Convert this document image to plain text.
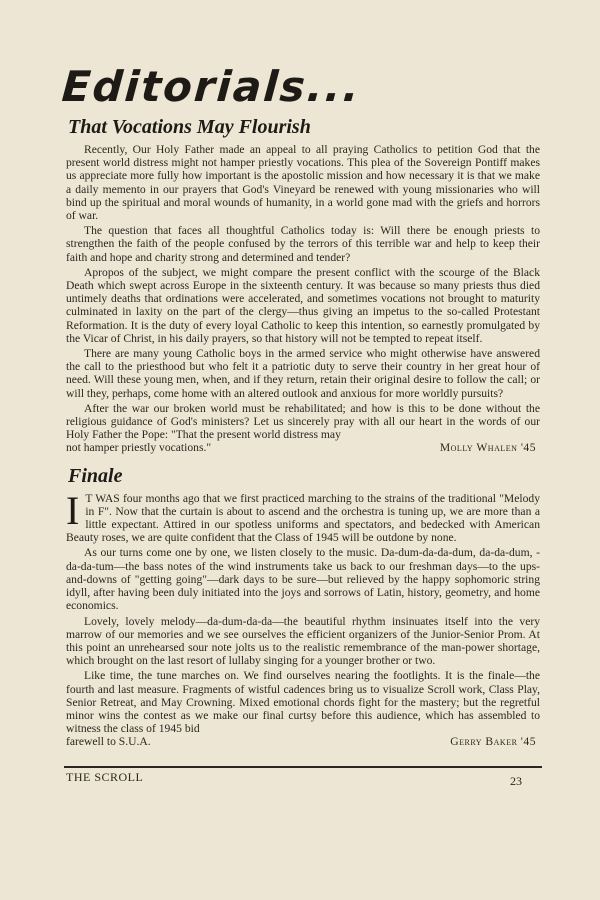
Editorials...
That Vocations May Flourish

Recently, Our Holy Father made an appeal to all praying Catholics to petition God that the present world distress might not hamper priestly vocations. This plea of the Sovereign Pontiff makes us appreciate more fully how important is the apostolic mission and how necessary it is that we make a daily memento in our prayers that God's Vineyard be renewed with young missionaries who will bind up the spiritual and moral wounds of humanity, in a world gone mad with the griefs and horrors of war.

The question that faces all thoughtful Catholics today is: Will there be enough priests to strengthen the faith of the people confused by the terrors of this terrible war and help to keep their faith and hope and charity strong and determined and tender?

Apropos of the subject, we might compare the present conflict with the scourge of the Black Death which swept across Europe in the sixteenth century. It was because so many priests thus died untimely deaths that ordinations were accelerated, and sometimes vocations not brought to maturity culminated in laxity on the part of the clergy—thus giving an impetus to the so-called Protestant Reformation. It is the duty of every loyal Catholic to keep this intention, so earnestly promulgated by the Vicar of Christ, in his daily prayers, so that history will not be tempted to repeat itself.

There are many young Catholic boys in the armed service who might otherwise have answered the call to the priesthood but who felt it a patriotic duty to serve their country in her great hour of need. Will these young men, when, and if they return, retain their original desire to follow the call; or will they, perhaps, come home with an altered outlook and anxious for more worldly pursuits?

After the war our broken world must be rehabilitated; and how is this to be done without the religious guidance of God's ministers? Let us sincerely pray with all our heart in the words of our Holy Father the Pope: "That the present world distress may

not hamper priestly vocations."	Molly Whalen '45
Finale

I T WAS four months ago that we first practiced marching to the strains of the traditional "Melody in F". Now that the curtain is about to ascend and the orchestra is tuning up, we are more than a little expectant. Attired in our spotless uniforms and spectators, and bedecked with American Beauty roses, we are quite confident that the Class of 1945 will be outdone by none.

As our turns come one by one, we listen closely to the music. Da-dum-da-da-dum, da-da-dum, -da-da-tum—the bass notes of the wind instruments take us back to our freshman days—to the ups-and-downs of "getting going"—dark days to be sure—but relieved by the happy sophomoric string idyll, after having been duly initiated into the joys and sorrows of Latin, history, geometry, and home economics.

Lovely, lovely melody—da-dum-da-da—the beautiful rhythm insinuates itself into the very marrow of our memories and we see ourselves the efficient organizers of the Junior-Senior Prom. At this point an unrehearsed sour note jolts us to the realistic remembrance of the man-power shortage, which brought on the last resort of lullaby singing for a younger brother or two.

Like time, the tune marches on. We find ourselves nearing the footlights. It is the finale—the fourth and last measure. Fragments of wistful cadences bring us to visualize Scroll work, Class Play, Senior Retreat, and May Crowning. Mixed emotional chords fight for the mastery; but the regretful minor wins the contest as we make our final curtsy before this audience, which has assembled to witness the class of 1945 bid

farewell to S.U.A.	Gerry Baker '45
THE SCROLL	23
